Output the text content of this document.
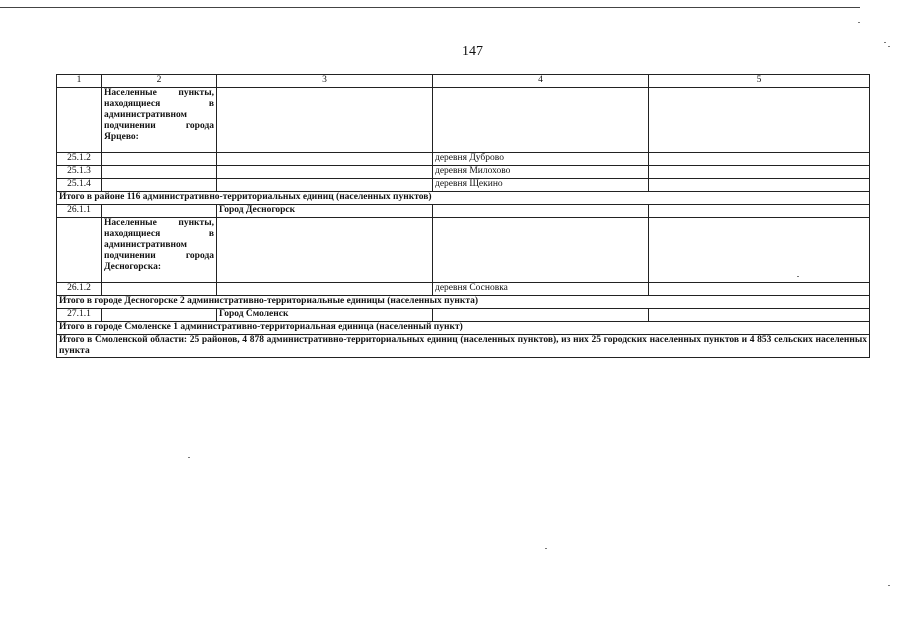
147
1	2	3	4	5
	Населенные пункты,
находящиеся в
административном
подчинении города
Ярцево:			

25.1.2			деревня Дуброво	
25.1.3			деревня Милохово	
25.1.4			деревня Щекино	
Итого в районе 116 административно-территориальных единиц (населенных пунктов)				
26.1.1		Город Десногорск		
	Населенные пункты,
находящиеся в
административном
подчинении города
Десногорска:			

26.1.2			деревня Сосновка	
Итого в городе Десногорске 2 административно-территориальные единицы (населенных пункта)				
27.1.1		Город Смоленск		
Итого в городе Смоленске 1 административно-территориальная единица (населенный пункт)				
Итого в Смоленской области: 25 районов, 4 878 административно-территориальных единиц (населенных пунктов), из них 25 городских населенных пунктов и 4 853 сельских населенных пункта				
